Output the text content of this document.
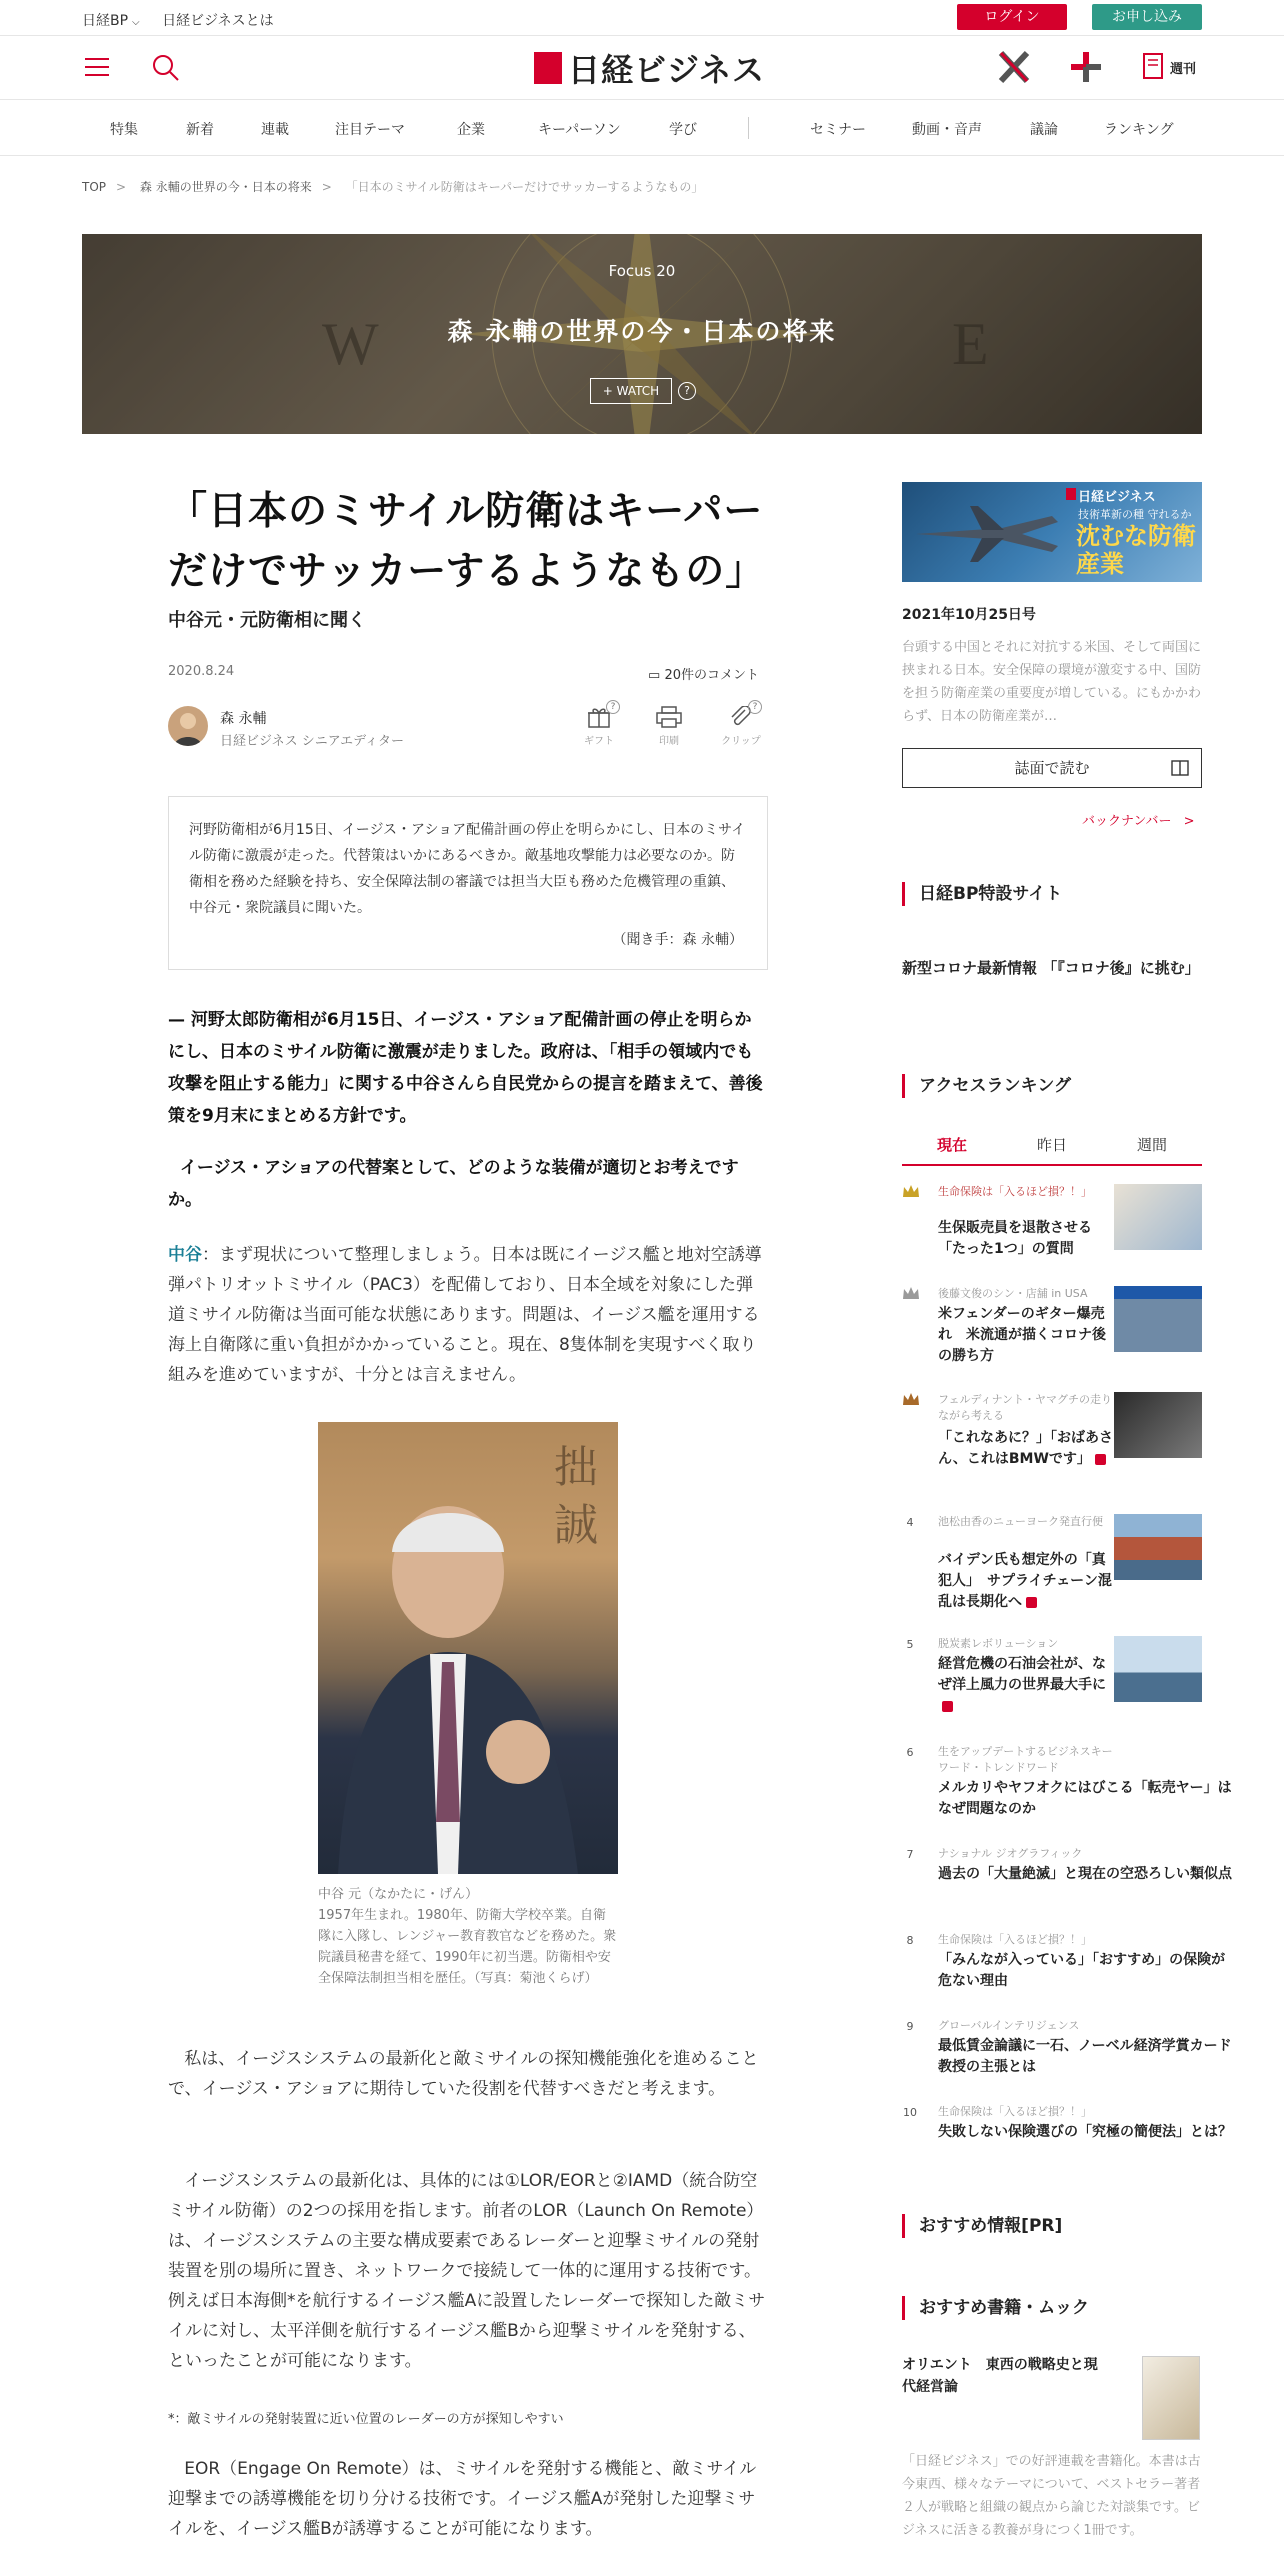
日経BP ⌵ 日経ビジネスとは	ログイン	お申し込み
日経ビジネス	週刊
特集	新着	連載	注目テーマ	企業	キーパーソン	学び	セミナー	動画・音声	議論	ランキング
TOP > 森 永輔の世界の今・日本の将来 > 「日本のミサイル防衛はキーパーだけでサッカーするようなもの」
W	E
Focus 20
森 永輔の世界の今・日本の将来
+ WATCH	?
「日本のミサイル防衛はキーパーだけでサッカーするようなもの」
中谷元・元防衛相に聞く
2020.8.24	▭ 20件のコメント
森 永輔
日経ビジネス シニアエディター	ギフト
?
印刷	クリップ
?

河野防衛相が6月15日、イージス・アショア配備計画の停止を明らかにし、日本のミサイル防衛に激震が走った。代替策はいかにあるべきか。敵基地攻撃能力は必要なのか。防衛相を務めた経験を持ち、安全保障法制の審議では担当大臣も務めた危機管理の重鎮、中谷元・衆院議員に聞いた。

（聞き手：森 永輔）

— 河野太郎防衛相が6月15日、イージス・アショア配備計画の停止を明らかにし、日本のミサイル防衛に激震が走りました。政府は、「相手の領域内でも攻撃を阻止する能力」に関する中谷さんら自民党からの提言を踏まえて、善後策を9月末にまとめる方針です。

イージス・アショアの代替案として、どのような装備が適切とお考えですか。

中谷：まず現状について整理しましょう。日本は既にイージス艦と地対空誘導弾パトリオットミサイル（PAC3）を配備しており、日本全域を対象にした弾道ミサイル防衛は当面可能な状態にあります。問題は、イージス艦を運用する海上自衛隊に重い負担がかかっていること。現在、8隻体制を実現すべく取り組みを進めていますが、十分とは言えません。

拙
誠
中谷 元（なかたに・げん）
1957年生まれ。1980年、防衛大学校卒業。自衛隊に入隊し、レンジャー教育教官などを務めた。衆院議員秘書を経て、1990年に初当選。防衛相や安全保障法制担当相を歴任。（写真：菊池くらげ）

私は、イージスシステムの最新化と敵ミサイルの探知機能強化を進めることで、イージス・アショアに期待していた役割を代替すべきだと考えます。

イージスシステムの最新化は、具体的には①LOR/EORと②IAMD（統合防空ミサイル防衛）の2つの採用を指します。前者のLOR（Launch On Remote）は、イージスシステムの主要な構成要素であるレーダーと迎撃ミサイルの発射装置を別の場所に置き、ネットワークで接続して一体的に運用する技術です。例えば日本海側*を航行するイージス艦Aに設置したレーダーで探知した敵ミサイルに対し、太平洋側を航行するイージス艦Bから迎撃ミサイルを発射する、といったことが可能になります。

*：敵ミサイルの発射装置に近い位置のレーダーの方が探知しやすい

EOR（Engage On Remote）は、ミサイルを発射する機能と、敵ミサイル迎撃までの誘導機能を切り分ける技術です。イージス艦Aが発射した迎撃ミサイルを、イージス艦Bが誘導することが可能になります。

日経ビジネス
技術革新の種 守れるか
沈むな防衛産業
2021年10月25日号
台頭する中国とそれに対抗する米国、そして両国に挟まれる日本。安全保障の環境が激変する中、国防を担う防衛産業の重要度が増している。にもかかわらず、日本の防衛産業が…
誌面で読む
バックナンバー >
日経BP特設サイト
新型コロナ最新情報 「『コロナ後』に挑む」
アクセスランキング
現在	昨日	週間
生命保険は「入るほど損？！」
生保販売員を退散させる「たった1つ」の質問
後藤文俊のシン・店舗 in USA
米フェンダーのギター爆売れ　米流通が描くコロナ後の勝ち方
フェルディナント・ヤマグチの走りながら考える
「これなあに？」「おばあさん、これはBMWです」
4	池松由香のニューヨーク発直行便
バイデン氏も想定外の「真犯人」　サプライチェーン混乱は長期化へ
5	脱炭素レボリューション
経営危機の石油会社が、なぜ洋上風力の世界最大手に
6	生をアップデートするビジネスキーワード・トレンドワード
メルカリやヤフオクにはびこる「転売ヤー」はなぜ問題なのか
7	ナショナル ジオグラフィック
過去の「大量絶滅」と現在の空恐ろしい類似点
8	生命保険は「入るほど損？！」
「みんなが入っている」「おすすめ」の保険が危ない理由
9	グローバルインテリジェンス
最低賃金論議に一石、ノーベル経済学賞カード教授の主張とは
10 生命保険は「入るほど損？！」
失敗しない保険選びの「究極の簡便法」とは？
おすすめ情報[PR]
おすすめ書籍・ムック
オリエント　東西の戦略史と現代経営論
「日経ビジネス」での好評連載を書籍化。本書は古今東西、様々なテーマについて、ベストセラー著者２人が戦略と組織の観点から論じた対談集です。ビジネスに活きる教養が身につく1冊です。
